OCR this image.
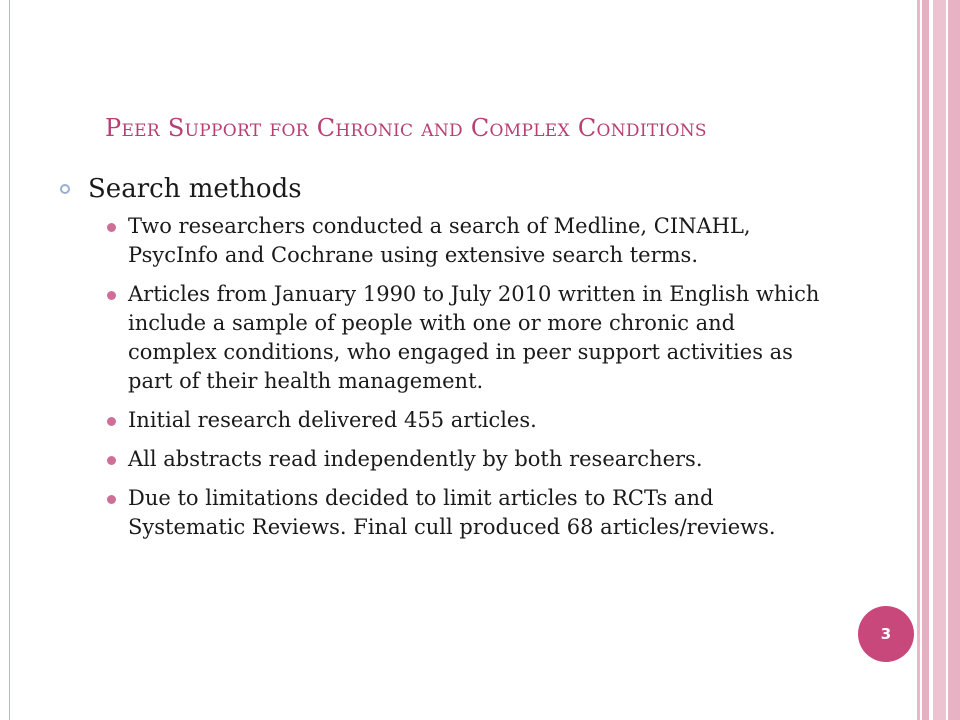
Peer Support for Chronic and Complex Conditions
Search methods
Two researchers conducted a search of Medline, CINAHL, PsycInfo and Cochrane using extensive search terms.
Articles from January 1990 to July 2010 written in English which include a sample of people with one or more chronic and complex conditions, who engaged in peer support activities as part of their health management.
Initial research delivered 455 articles.
All abstracts read independently by both researchers.
Due to limitations decided to limit articles to RCTs and Systematic Reviews. Final cull produced 68 articles/reviews.
3
